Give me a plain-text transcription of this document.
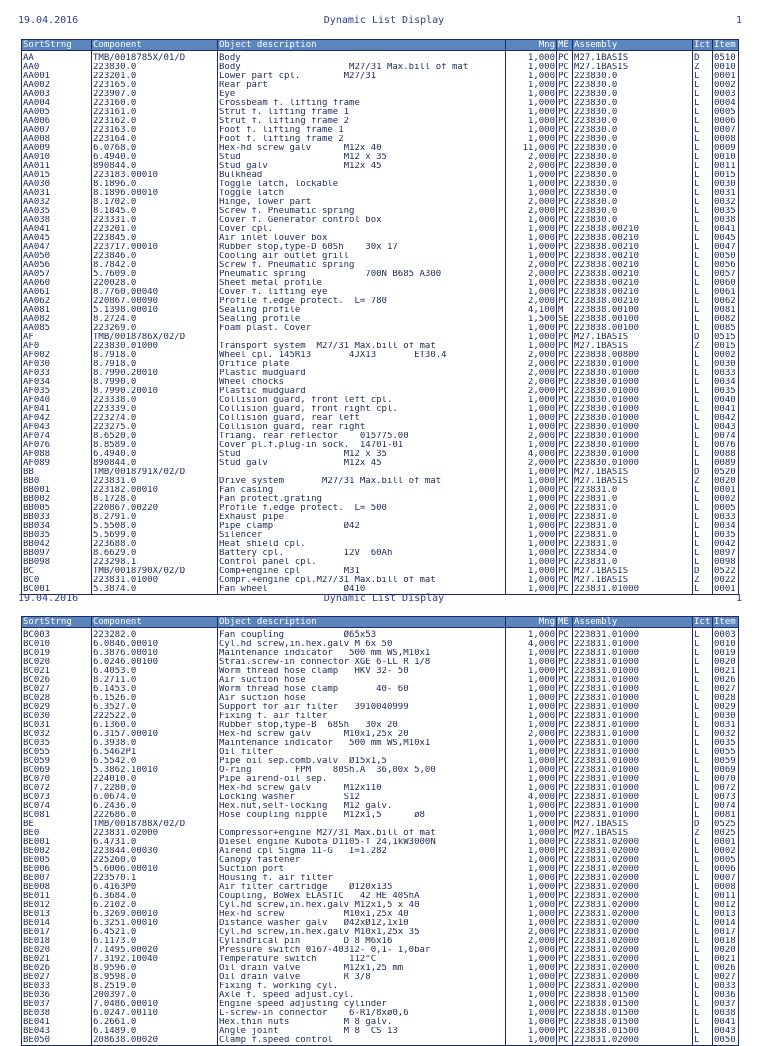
19.04.2016	Dynamic List Display	1
SortStrng	Component	Object description	Mng	ME	Assembly	Ict	Item
AA	TMB/0018785X/01/D	Body	1,000	PC	M27.1BASIS	D	0510
AA0	223830.0	Body                    M27/31 Max.bill of mat	1,000	PC	M27.1BASIS	Z	0010
AA001	223201.0	Lower part cpl.        M27/31	1,000	PC	223830.0	L	0001
AA002	223165.0	Rear part	1,000	PC	223830.0	L	0002
AA003	223907.0	Eye	1,000	PC	223830.0	L	0003
AA004	223160.0	Crossbeam f. lifting frame	1,000	PC	223830.0	L	0004
AA005	223161.0	Strut f. lifting frame 1	1,000	PC	223830.0	L	0005
AA006	223162.0	Strut f. lifting frame 2	1,000	PC	223830.0	L	0006
AA007	223163.0	Foot f. lifting frame 1	1,000	PC	223830.0	L	0007
AA008	223164.0	Foot f. lifting frame 2	1,000	PC	223830.0	L	0008
AA009	6.0768.0	Hex-hd screw galv      M12x 40	11,000	PC	223830.0	L	0009
AA010	6.4940.0	Stud                   M12 x 35	2,000	PC	223830.0	L	0010
AA011	890844.0	Stud galv              M12x 45	2,000	PC	223830.0	L	0011
AA015	223183.00010	Bulkhead	1,000	PC	223830.0	L	0015
AA030	8.1896.0	Toggle latch, lockable	1,000	PC	223830.0	L	0030
AA031	8.1896.00010	Toggle latch	1,000	PC	223830.0	L	0031
AA032	8.1702.0	Hinge, lower part	2,000	PC	223830.0	L	0032
AA035	8.1845.0	Screw f. Pneumatic spring	2,000	PC	223830.0	L	0035
AA038	223331.0	Cover f. Generator control box	1,000	PC	223830.0	L	0038
AA041	223201.0	Cover cpl.	1,000	PC	223838.00210	L	0041
AA045	223845.0	Air inlet louver box	1,000	PC	223838.00210	L	0045
AA047	223717.00010	Rubber stop,type-D 60Sh    30x 17	1,000	PC	223838.00210	L	0047
AA050	223846.0	Cooling air outlet grill	1,000	PC	223838.00210	L	0050
AA056	8.7842.0	Screw f. Pneumatic spring	2,000	PC	223838.00210	L	0056
AA057	5.7609.0	Pneumatic spring           700N B685 A300	2,000	PC	223838.00210	L	0057
AA060	220028.0	Sheet metal profile	1,000	PC	223838.00210	L	0060
AA061	8.7760.00040	Cover f. lifting eye	1,000	PC	223838.00210	L	0061
AA062	220867.00090	Profile f.edge protect.  L= 780	2,000	PC	223838.00210	L	0062
AA081	5.1398.00010	Sealing profile	4,100	M	223838.00100	L	0081
AA082	8.2724.0	Sealing profile	1,500	SE	223838.00100	L	0082
AA085	223269.0	Foam plast. Cover	1,000	PC	223838.00100	L	0085
AF	TMB/0018786X/02/D		1,000	PC	M27.1BASIS	D	0515
AF0	223830.01000	Transport system  M27/31 Max.bill of mat	1,000	PC	M27.1BASIS	Z	0015
AF002	8.7918.0	Wheel cpl. 145R13       4JX13       ET30.4	2,000	PC	223838.00800	L	0002
AF030	8.7918.0	Orifice plate	2,000	PC	223830.01000	L	0030
AF033	8.7990.20010	Plastic mudguard	2,000	PC	223830.01000	L	0033
AF034	8.7990.0	Wheel chocks	2,000	PC	223830.01000	L	0034
AF035	8.7990.20010	Plastic mudguard	2,000	PC	223830.01000	L	0035
AF040	223338.0	Collision guard, front left cpl.	1,000	PC	223830.01000	L	0040
AF041	223339.0	Collision guard, front right cpl.	1,000	PC	223830.01000	L	0041
AF042	223274.0	Collision guard, rear left	1,000	PC	223830.01000	L	0042
AF043	223275.0	Collision guard, rear right	1,000	PC	223830.01000	L	0043
AF074	8.6520.0	Triang. rear reflector    015775.00	2,000	PC	223830.01000	L	0074
AF076	8.8589.0	Cover pl.f.plug-in sock.  14701-01	1,000	PC	223830.01000	L	0076
AF088	6.4940.0	Stud                   M12 x 35	4,000	PC	223830.01000	L	0088
AF089	890844.0	Stud galv              M12x 45	2,000	PC	223830.01000	L	0089
BB	TMB/0018791X/02/D		1,000	PC	M27.1BASIS	D	0520
BB0	223831.0	Drive system       M27/31 Max.bill of mat	1,000	PC	M27.1BASIS	Z	0020
BB001	223182.00010	Fan casing	1,000	PC	223831.0	L	0001
BB002	8.1728.0	Fan protect.grating	1,000	PC	223831.0	L	0002
BB005	220867.00220	Profile f.edge protect.  L= 500	2,000	PC	223831.0	L	0005
BB033	8.2791.0	Exhaust pipe	1,000	PC	223831.0	L	0033
BB034	5.5508.0	Pipe clamp             Ø42	1,000	PC	223831.0	L	0034
BB035	5.5699.0	Silencer	1,000	PC	223831.0	L	0035
BB042	223688.0	Heat shield cpl.	1,000	PC	223831.0	L	0042
BB097	8.6629.0	Battery cpl.           12V  60Ah	1,000	PC	223834.0	L	0097
BB098	223298.1	Control panel cpl.	1,000	PC	223831.0	L	0098
BC	TMB/0018790X/02/D	Comp+engine cpl        M31	1,000	PC	M27.1BASIS	D	0522
BC0	223831.01000	Compr.+engine cpl.M27/31 Max.bill of mat	1,000	PC	M27.1BASIS	Z	0022
BC001	5.3874.0	Fan wheel              Ø410	1,000	PC	223831.01000	L	0001
19.04.2016	Dynamic List Display	1
SortStrng	Component	Object description	Mng	ME	Assembly	Ict	Item
BC003	223282.0	Fan coupling           Ø65x53	1,000	PC	223831.01000	L	0003
BC010	6.0846.00010	Cyl.hd screw,in.hex.galv M 6x 50	4,000	PC	223831.01000	L	0010
BC019	6.3876.00010	Maintenance indicator   500 mm WS,M10x1	1,000	PC	223831.01000	L	0019
BC020	6.0246.00100	Strai.screw-in connector XGE 6-LL R 1/8	1,000	PC	223831.01000	L	0020
BC021	6.4053.0	Worm thread hose clamp   HKV 32- 50	1,000	PC	223831.01000	L	0021
BC026	8.2711.0	Air suction hose	1,000	PC	223831.01000	L	0026
BC027	6.1453.0	Worm thread hose clamp       40- 60	1,000	PC	223831.01000	L	0027
BC028	6.1526.0	Air suction hose	1,000	PC	223831.01000	L	0028
BC029	6.3527.0	Support for air filter   3910040999	1,000	PC	223831.01000	L	0029
BC030	222522.0	Fixing f. air filter	1,000	PC	223831.01000	L	0030
BC031	6.1360.0	Rubber stop,type-B  68Sh   30x 20	1,000	PC	223831.01000	L	0031
BC032	6.3157.00010	Hex-hd screw galv      M10x1,25x 20	2,000	PC	223831.01000	L	0032
BC035	6.3938.0	Maintenance indicator   500 mm WS,M10x1	1,000	PC	223831.01000	L	0035
BC055	6.5462P1	Oil filter	1,000	PC	223831.01000	L	0055
BC059	6.5542.0	Pipe oil sep.comb.valv  Ø15x1,5	1,000	PC	223831.01000	L	0059
BC069	5.3862.10010	O-ring        FPM    80Sh.A  36,00x 5,00	1,000	PC	223831.01000	L	0069
BC070	224010.0	Pipe airend-oil sep.	1,000	PC	223831.01000	L	0070
BC072	7.2280.0	Hex-hd screw galv      M12x110	1,000	PC	223831.01000	L	0072
BC073	6.0674.0	Locking washer         S12	4,000	PC	223831.01000	L	0073
BC074	6.2436.0	Hex.nut,self-locking   M12 galv.	1,000	PC	223831.01000	L	0074
BC081	222686.0	Hose coupling nipple   M12x1,5      ø8	1,000	PC	223831.01000	L	0081
BE	TMB/0018788X/02/D		1,000	PC	M27.1BASIS	D	0525
BE0	223831.02000	Compressor+engine M27/31 Max.bill of mat	1,000	PC	M27.1BASIS	Z	0025
BE001	6.4731.0	Diesel engine Kubota D1105-T 24,1kW3000N	1,000	PC	223831.02000	L	0001
BE002	223844.00030	Airend cpl Sigma 11-G   I=1.282	1,000	PC	223831.02000	L	0002
BE005	225260.0	Canopy fastener	1,000	PC	223831.02000	L	0005
BE006	5.6006.00010	Suction port	1,000	PC	223831.02000	L	0006
BE007	223570.1	Housing f. air filter	1,000	PC	223831.02000	L	0007
BE008	6.4163P0	Air filter cartridge    Ø120x135	1,000	PC	223831.02000	L	0008
BE011	6.3684.0	Coupling, BoWex ELASTIC   42 HE 40ShA	1,000	PC	223831.02000	L	0011
BE012	6.2102.0	Cyl.hd screw,in.hex.galv M12x1,5 x 40	1,000	PC	223831.02000	L	0012
BE013	6.3269.00010	Hex-hd screw           M10x1,25x 40	1,000	PC	223831.02000	L	0013
BE014	6.3251.00010	Distance washer galv   Ø42xØ12,1x10	1,000	PC	223831.02000	L	0014
BE017	6.4521.0	Cyl.hd screw,in.hex.galv M10x1,25x 35	2,000	PC	223831.02000	L	0017
BE018	6.1173.0	Cylindrical pin        D 8 M6x16	2,000	PC	223831.02000	L	0018
BE020	7.1495.00020	Pressure switch 0167-40312- 0,1- 1,0bar	1,000	PC	223831.02000	L	0020
BE021	7.3192.10040	Temperature switch      112°C	1,000	PC	223831.02000	L	0021
BE026	8.9596.0	Oil drain valve        M12x1,25 mm	1,000	PC	223831.02000	L	0026
BE027	8.9598.0	Oil drain valve        R 3/8	1,000	PC	223831.02000	L	0027
BE033	8.2519.0	Fixing f. working cyl.	1,000	PC	223831.02000	L	0033
BE036	200397.0	Axle f. speed adjust.cyl.	1,000	PC	223838.01500	L	0036
BE037	7.0486.00010	Engine speed adjusting cylinder	1,000	PC	223838.01500	L	0037
BE038	6.0247.00110	L-screw-in connector    6-R1/8xø0,6	1,000	PC	223838.01500	L	0038
BE041	6.2661.0	Hex.thin nuts          M 8 galv.	1,000	PC	223838.01500	L	0041
BE043	6.1489.0	Angle joint            M 8  CS 13	1,000	PC	223838.01500	L	0043
BE050	208638.00020	Clamp f.speed control	1,000	PC	223831.02000	L	0050
